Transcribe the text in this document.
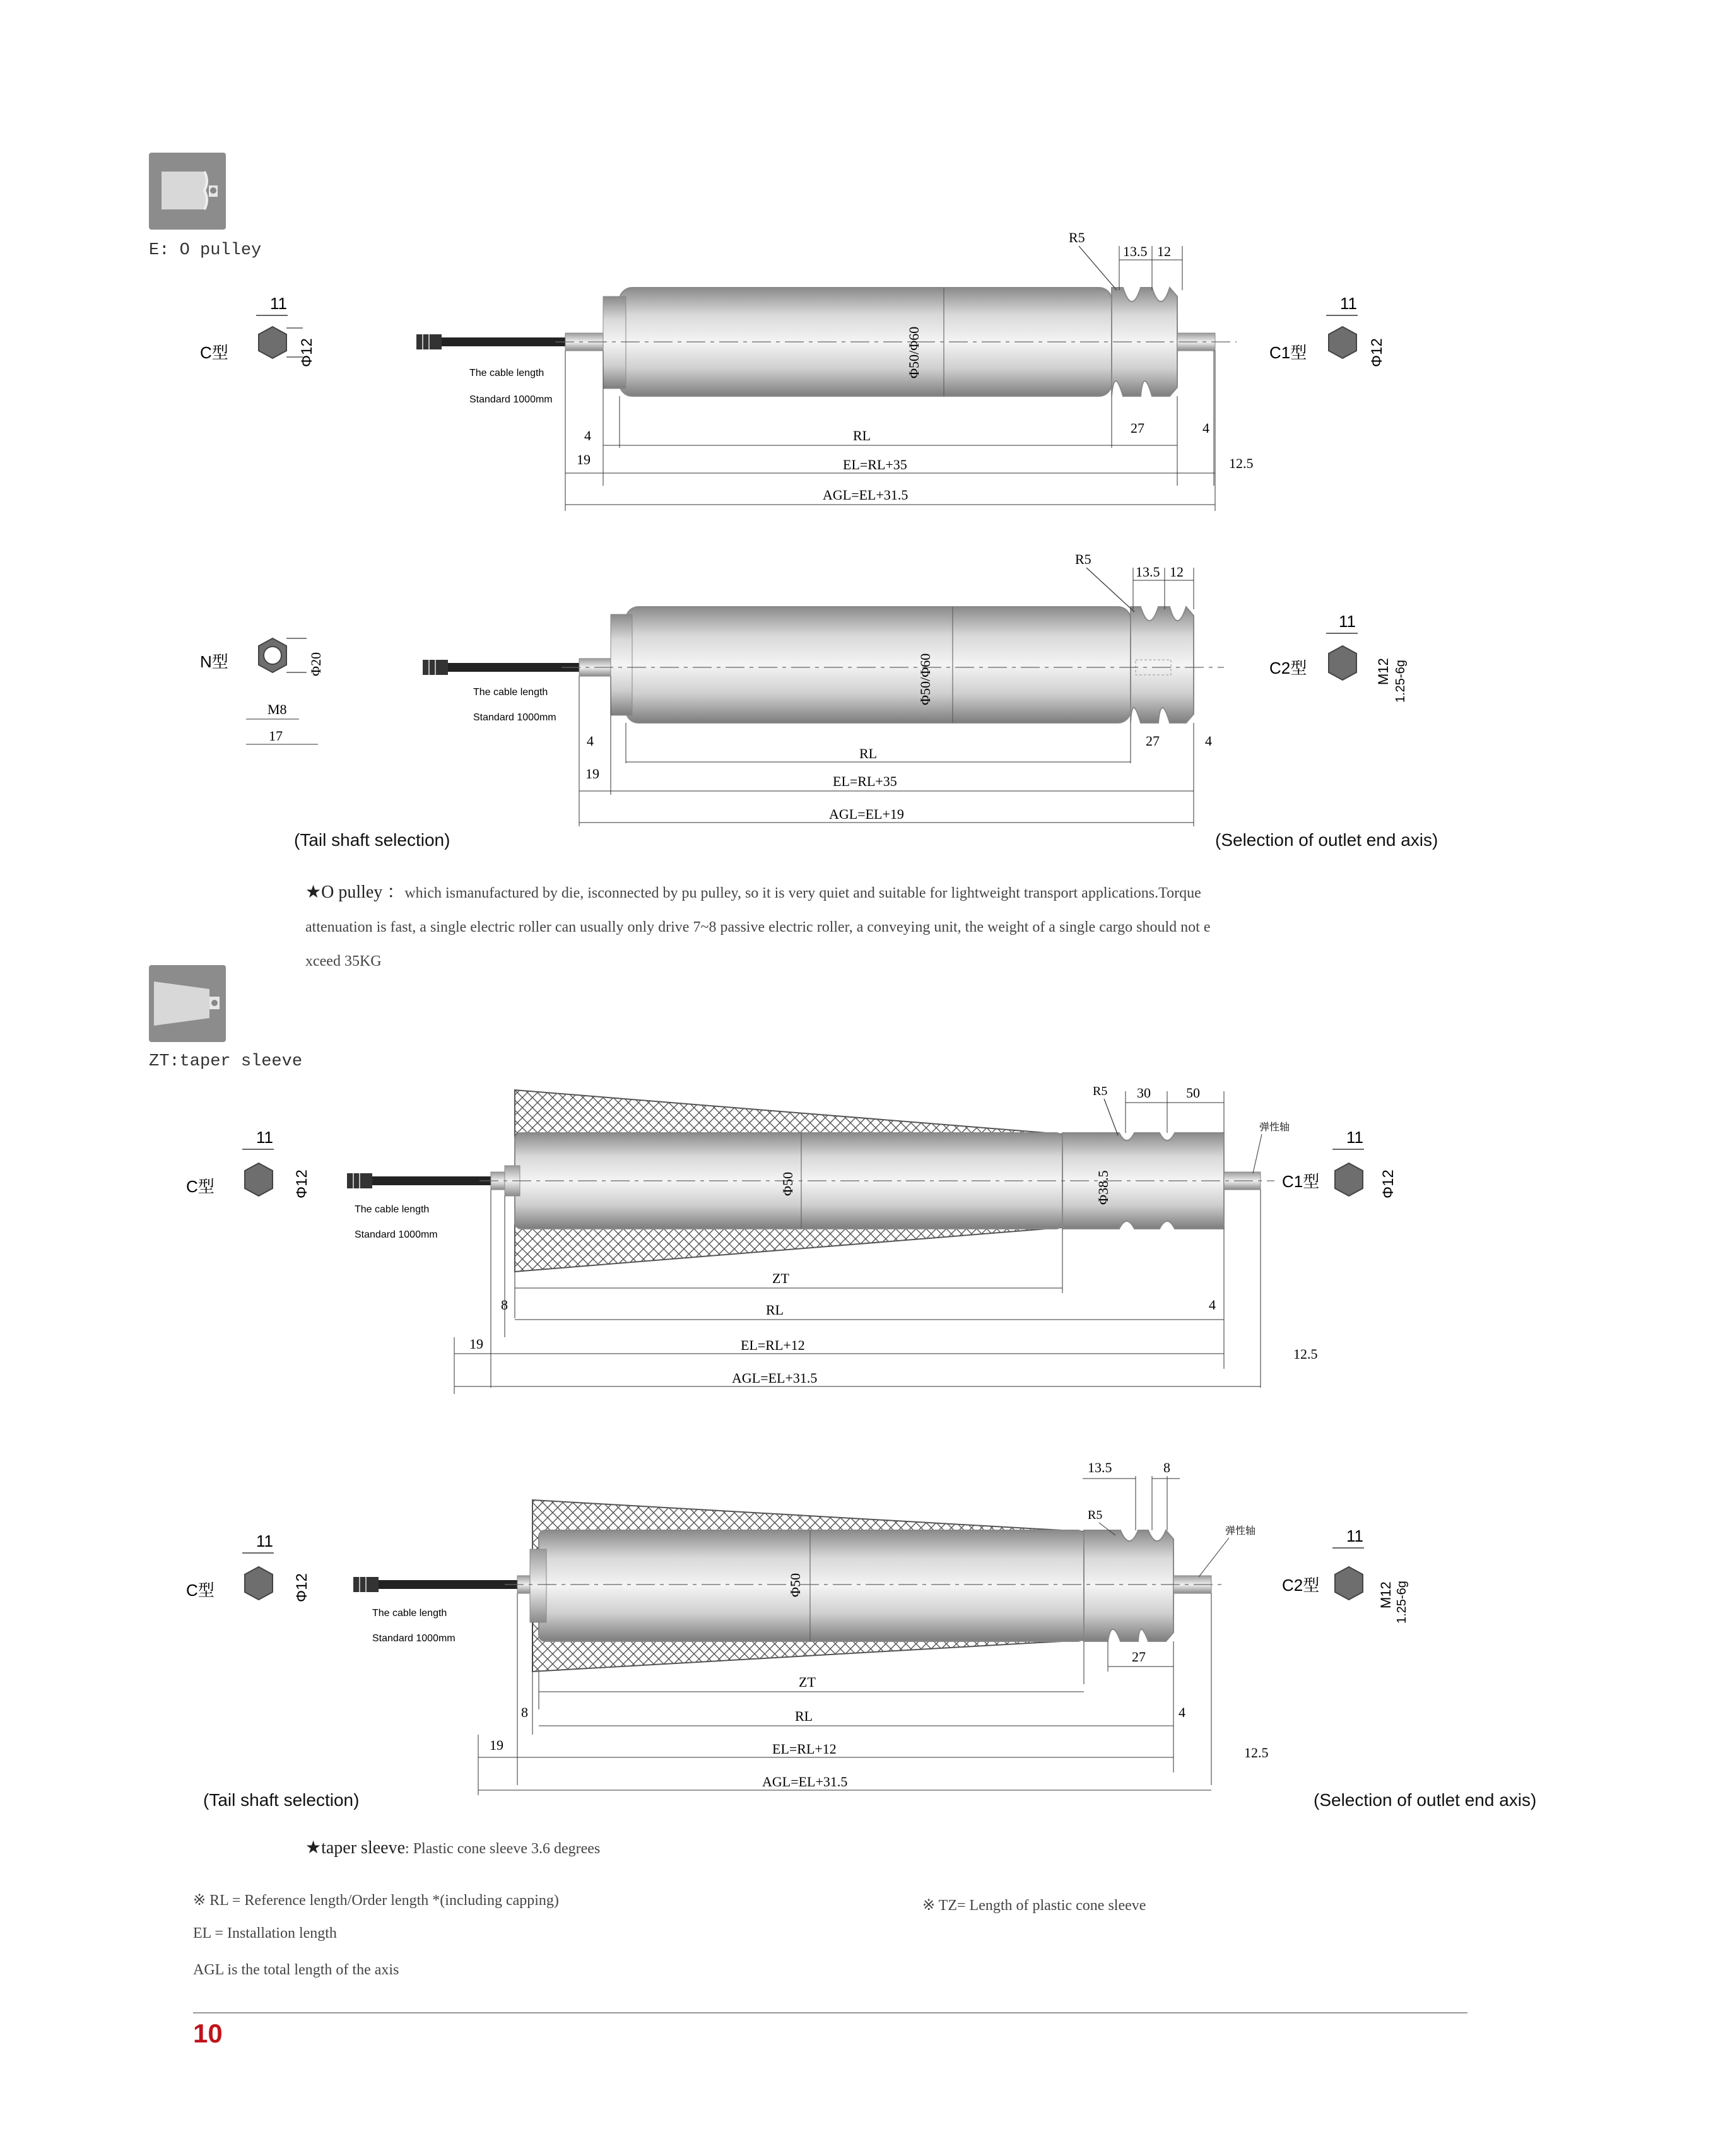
E: O pulley
C型
11
Φ12
The cable length
Standard 1000mm
Φ50/Φ60
R5
13.5 12
C1型
11
Φ12
4	RL	27	4
19	EL=RL+35	12.5
AGL=EL+31.5
N型	Φ20
M8
17
The cable length
Standard 1000mm
Φ50/Φ60
R5
13.5 12
C2型
11
M12 1.25-6g
4
RL
27	4
19	EL=RL+35
AGL=EL+19
(Tail shaft selection)	(Selection of outlet end axis)
★O pulley ：which ismanufactured by die, isconnected by pu pulley, so it is very quiet and suitable for lightweight transport applications.Torque
attenuation is fast, a single electric roller can usually only drive 7~8 passive electric roller, a conveying unit, the weight of a single cargo should not e
xceed 35KG
ZT:taper sleeve
C型
11
Φ12
The cable length
Standard 1000mm
Φ50	Φ38.5
R5 30	50
弹性轴
C1型
11
Φ12
ZT
8	RL	4
19	EL=RL+12
12.5
AGL=EL+31.5
C型
11
Φ12
The cable length
Standard 1000mm
Φ50
13.5	8
R5
弹性轴
C2型
11
M12 1.25-6g
27
ZT
8	RL	4
19	EL=RL+12	12.5
AGL=EL+31.5
(Tail shaft selection)	(Selection of outlet end axis)
★taper sleeve: Plastic cone sleeve 3.6 degrees
※ RL = Reference length/Order length *(including capping)	※ TZ= Length of plastic cone sleeve
EL = Installation length
AGL is the total length of the axis
10
